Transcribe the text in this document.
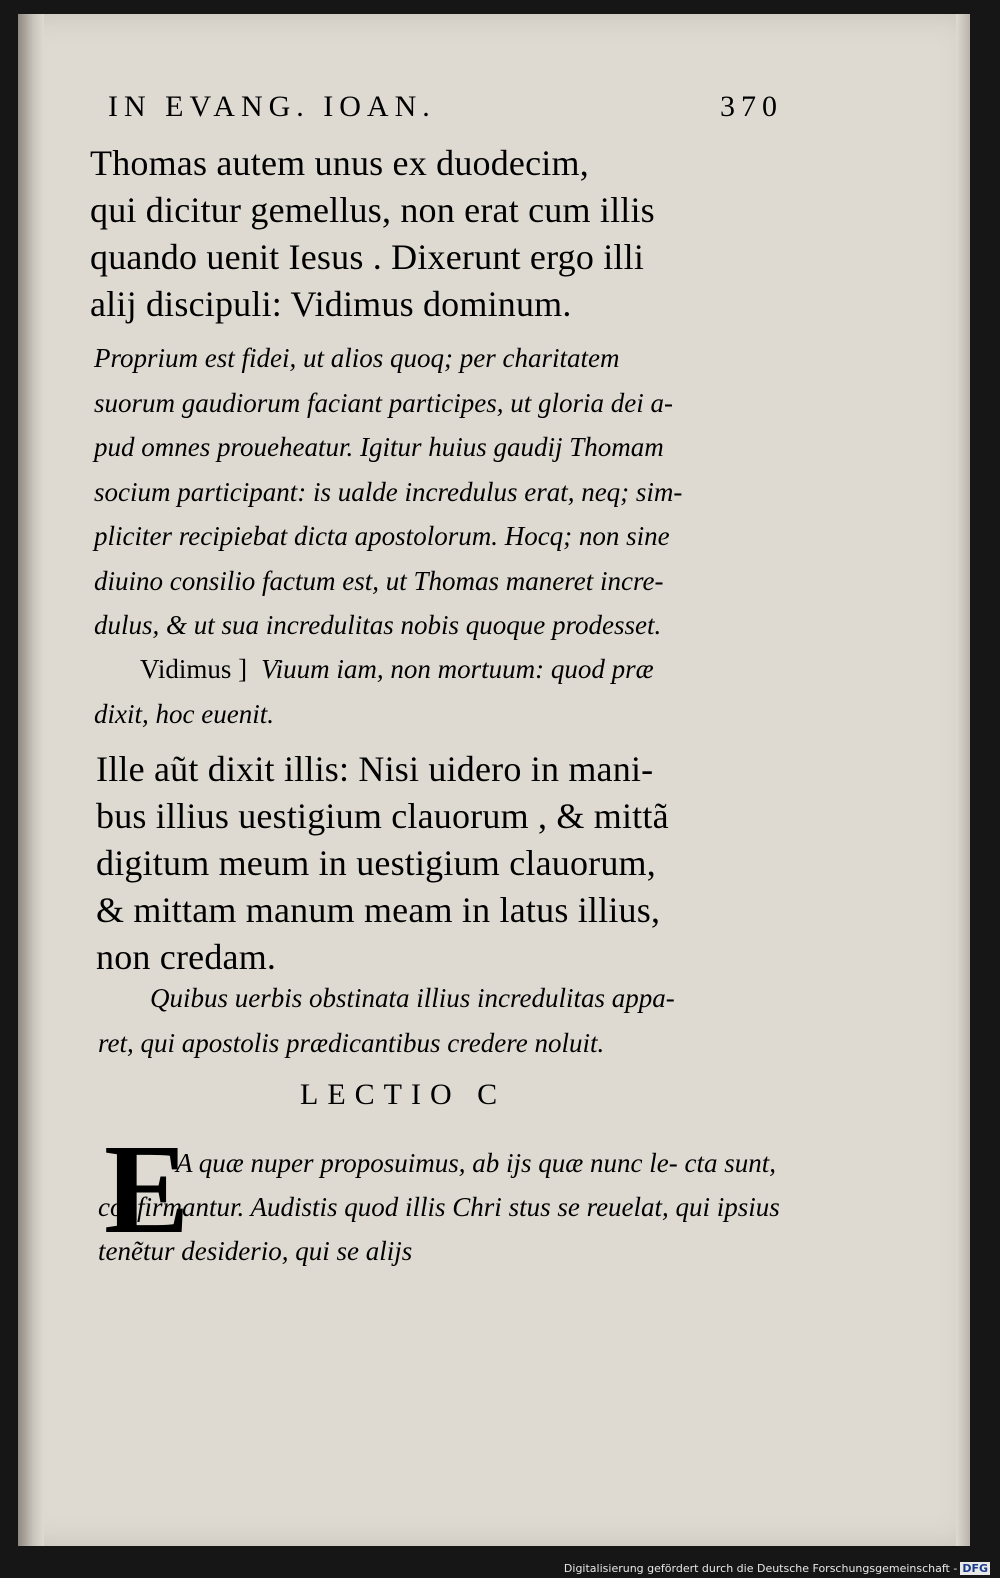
IN EVANG. IOAN.	370

Thomas autem unus ex duodecim,
qui dicitur gemellus, non erat cum illis
quando uenit Iesus . Dixerunt ergo illi
alij discipuli: Vidimus dominum.

Proprium est fidei, ut alios quoq; per charitatem
suorum gaudiorum faciant participes, ut gloria dei a-
pud omnes proueheatur. Igitur huius gaudij Thomam
socium participant: is ualde incredulus erat, neq; sim-
pliciter recipiebat dicta apostolorum. Hocq; non sine
diuino consilio factum est, ut Thomas maneret incre-
dulus, & ut sua incredulitas nobis quoque prodesset.

Vidimus ] Viuum iam, non mortuum: quod præ
dixit, hoc euenit.

Ille aũt dixit illis: Nisi uidero in mani-
bus illius uestigium clauorum , & mittã
digitum meum in uestigium clauorum,
& mittam manum meam in latus illius,
non credam.

Quibus uerbis obstinata illius incredulitas appa-
ret, qui apostolis prædicantibus credere noluit.

LECTIO C
E

A quæ nuper proposuimus, ab ijs quæ nunc le- cta sunt, confirmantur. Audistis quod illis Chri stus se reuelat, qui ipsius tenẽtur desiderio, qui se alijs

Digitalisierung gefördert durch die Deutsche Forschungsgemeinschaft - DFG
